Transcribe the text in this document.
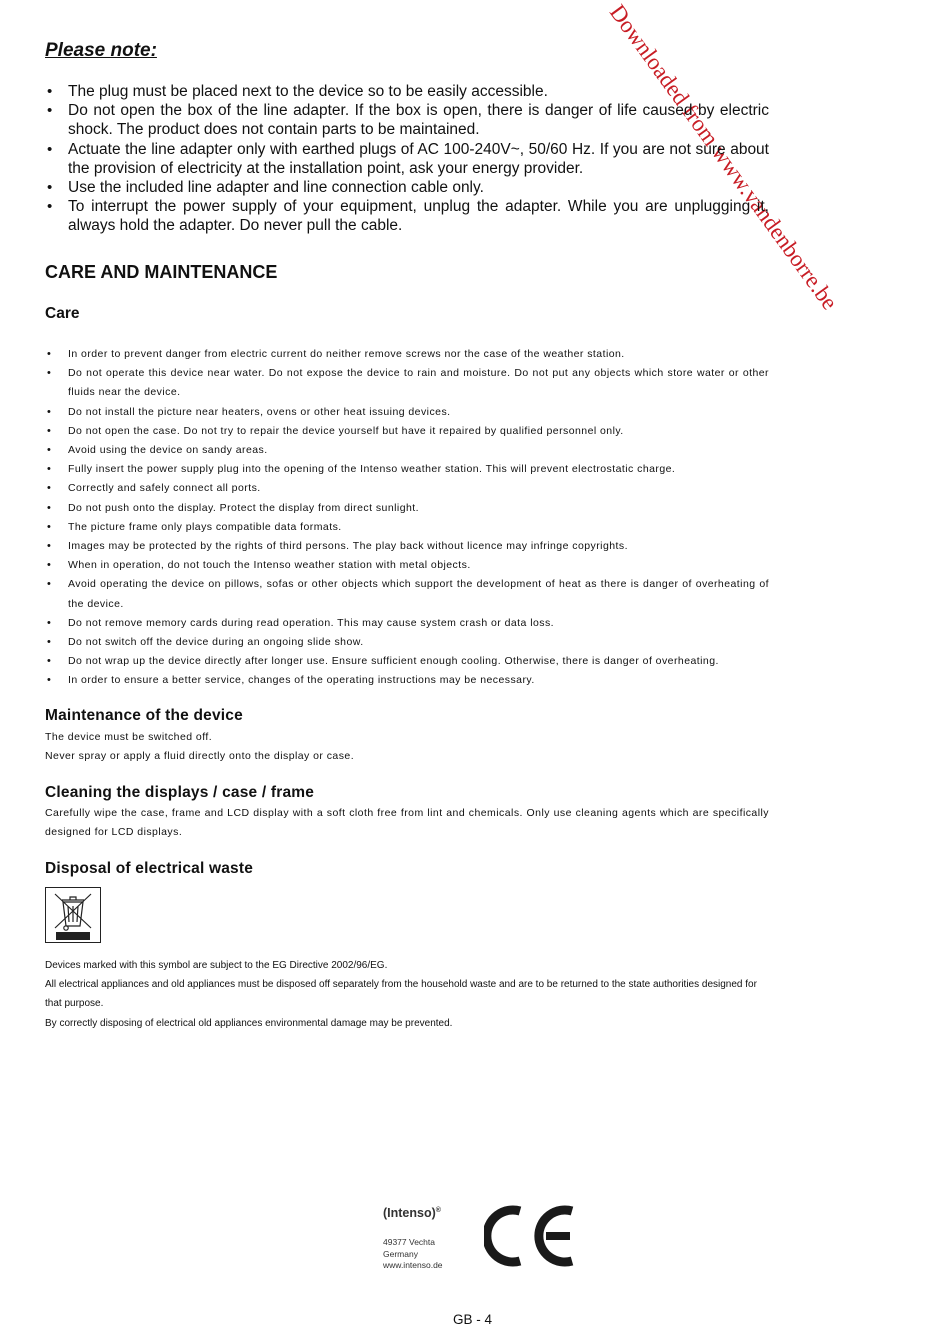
Downloaded from www.vandenborre.be
Please note:
• The plug must be placed next to the device so to be easily accessible.
• Do not open the box of the line adapter. If the box is open, there is danger of life caused by electric shock. The product does not contain parts to be maintained.
• Actuate the line adapter only with earthed plugs of AC 100-240V~, 50/60 Hz. If you are not sure about the provision of electricity at the installation point, ask your energy provider.
• Use the included line adapter and line connection cable only.
• To interrupt the power supply of your equipment, unplug the adapter. While you are unplugging it, always hold the adapter. Do never pull the cable.
CARE AND MAINTENANCE
Care
• In order to prevent danger from electric current do neither remove screws nor the case of the weather station.
• Do not operate this device near water. Do not expose the device to rain and moisture. Do not put any objects which store water or other fluids near the device.
• Do not install the picture near heaters, ovens or other heat issuing devices.
• Do not open the case. Do not try to repair the device yourself but have it repaired by qualified personnel only.
• Avoid using the device on sandy areas.
• Fully insert the power supply plug into the opening of the Intenso weather station. This will prevent electrostatic charge.
• Correctly and safely connect all ports.
• Do not push onto the display. Protect the display from direct sunlight.
• The picture frame only plays compatible data formats.
• Images may be protected by the rights of third persons. The play back without licence may infringe copyrights.
• When in operation, do not touch the Intenso weather station with metal objects.
• Avoid operating the device on pillows, sofas or other objects which support the development of heat as there is danger of overheating of the device.
• Do not remove memory cards during read operation. This may cause system crash or data loss.
• Do not switch off the device during an ongoing slide show.
• Do not wrap up the device directly after longer use. Ensure sufficient enough cooling. Otherwise, there is danger of overheating.
• In order to ensure a better service, changes of the operating instructions may be necessary.
Maintenance of the device

The device must be switched off.
Never spray or apply a fluid directly onto the display or case.

Cleaning the displays / case / frame

Carefully wipe the case, frame and LCD display with a soft cloth free from lint and chemicals. Only use cleaning agents which are specifically designed for LCD displays.

Disposal of electrical waste

Devices marked with this symbol are subject to the EG Directive 2002/96/EG.
All electrical appliances and old appliances must be disposed off separately from the household waste and are to be returned to the state authorities designed for that purpose.
By correctly disposing of electrical old appliances environmental damage may be prevented.

(Intenso)®
49377 Vechta
Germany
www.intenso.de
GB - 4
